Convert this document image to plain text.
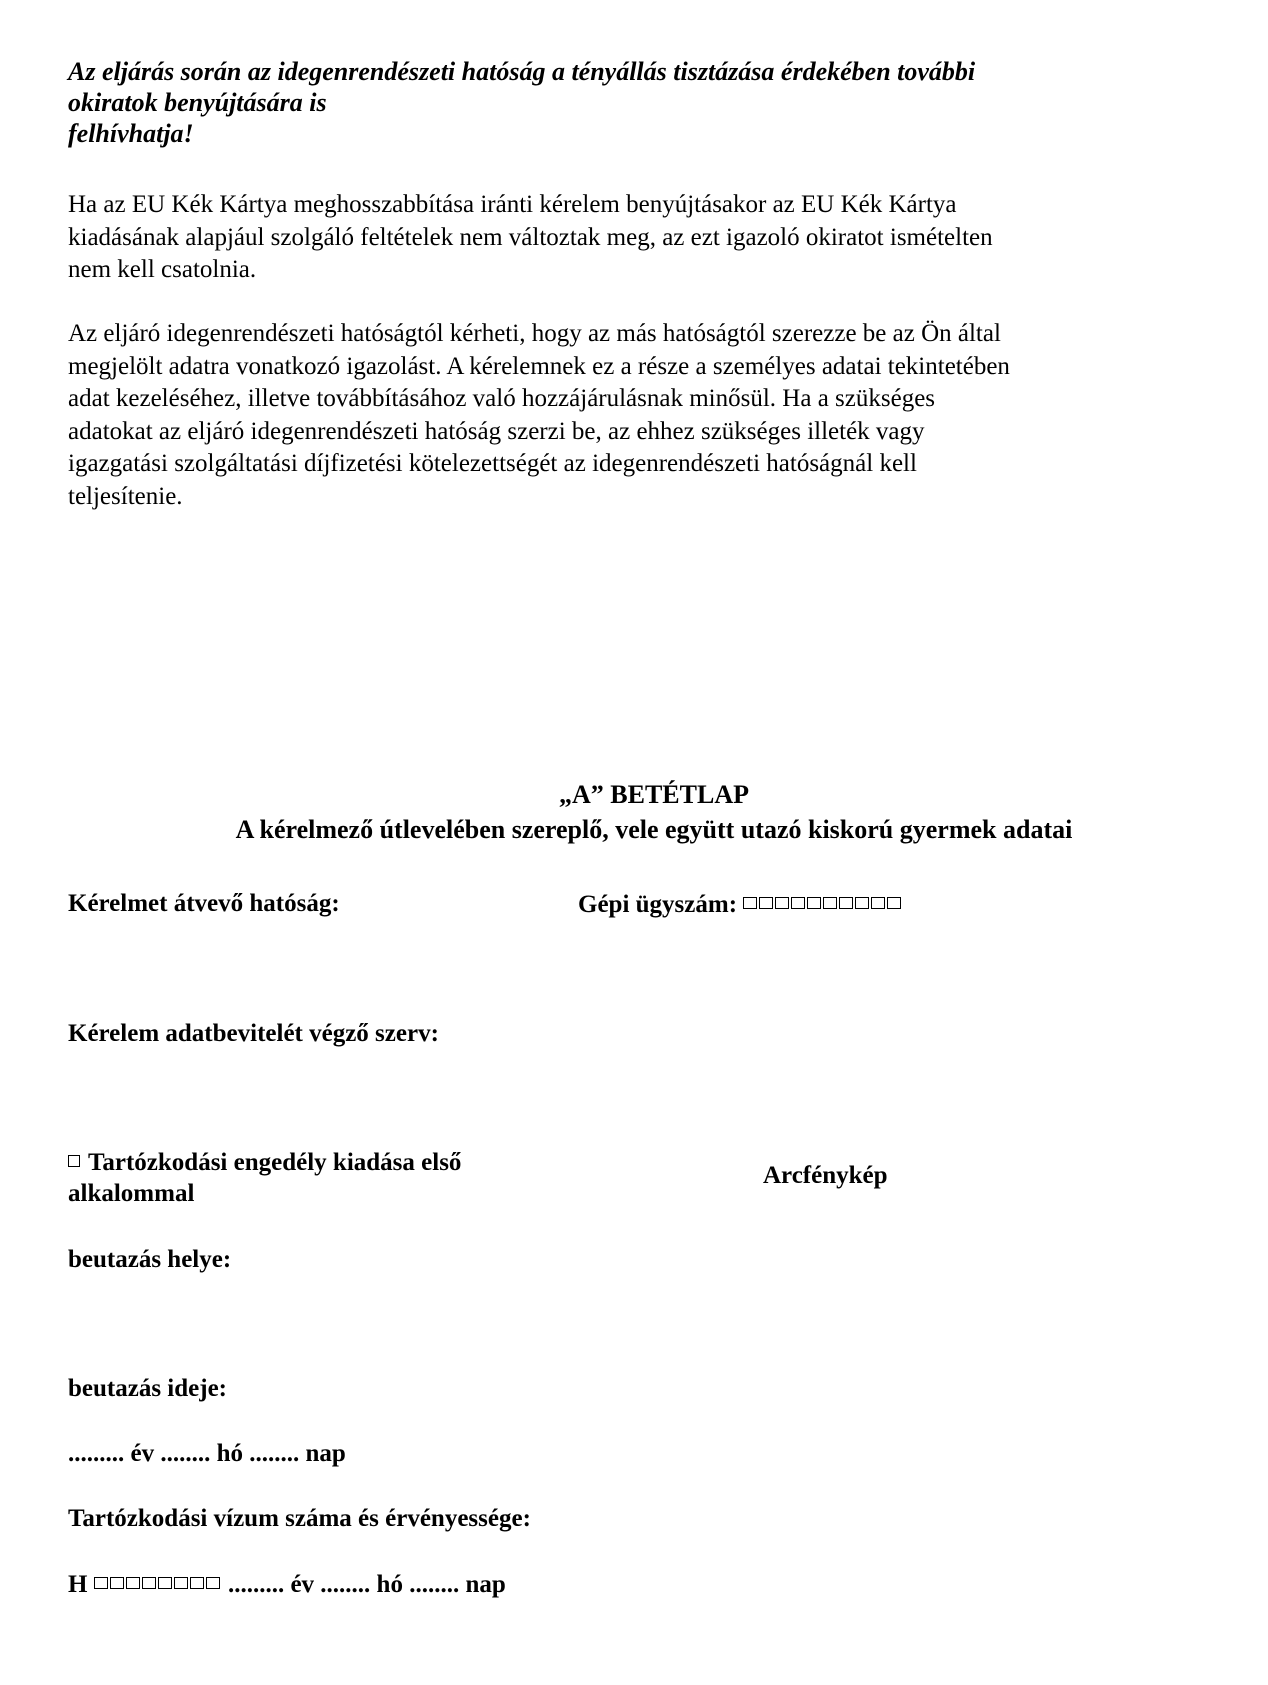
Az eljárás során az idegenrendészeti hatóság a tényállás tisztázása érdekében további
okiratok benyújtására is
felhívhatja!
Ha az EU Kék Kártya meghosszabbítása iránti kérelem benyújtásakor az EU Kék Kártya
kiadásának alapjául szolgáló feltételek nem változtak meg, az ezt igazoló okiratot ismételten
nem kell csatolnia.
Az eljáró idegenrendészeti hatóságtól kérheti, hogy az más hatóságtól szerezze be az Ön által
megjelölt adatra vonatkozó igazolást. A kérelemnek ez a része a személyes adatai tekintetében
adat kezeléséhez, illetve továbbításához való hozzájárulásnak minősül. Ha a szükséges
adatokat az eljáró idegenrendészeti hatóság szerzi be, az ehhez szükséges illeték vagy
igazgatási szolgáltatási díjfizetési kötelezettségét az idegenrendészeti hatóságnál kell
teljesítenie.
„A” BETÉTLAP
A kérelmező útlevelében szereplő, vele együtt utazó kiskorú gyermek adatai
Kérelmet átvevő hatóság:	Gépi ügyszám:
Kérelem adatbevitelét végző szerv:
Tartózkodási engedély kiadása első
alkalommal
Arcfénykép
beutazás helye:
beutazás ideje:
......... év ........ hó ........ nap
Tartózkodási vízum száma és érvényessége:
H	......... év ........ hó ........ nap
